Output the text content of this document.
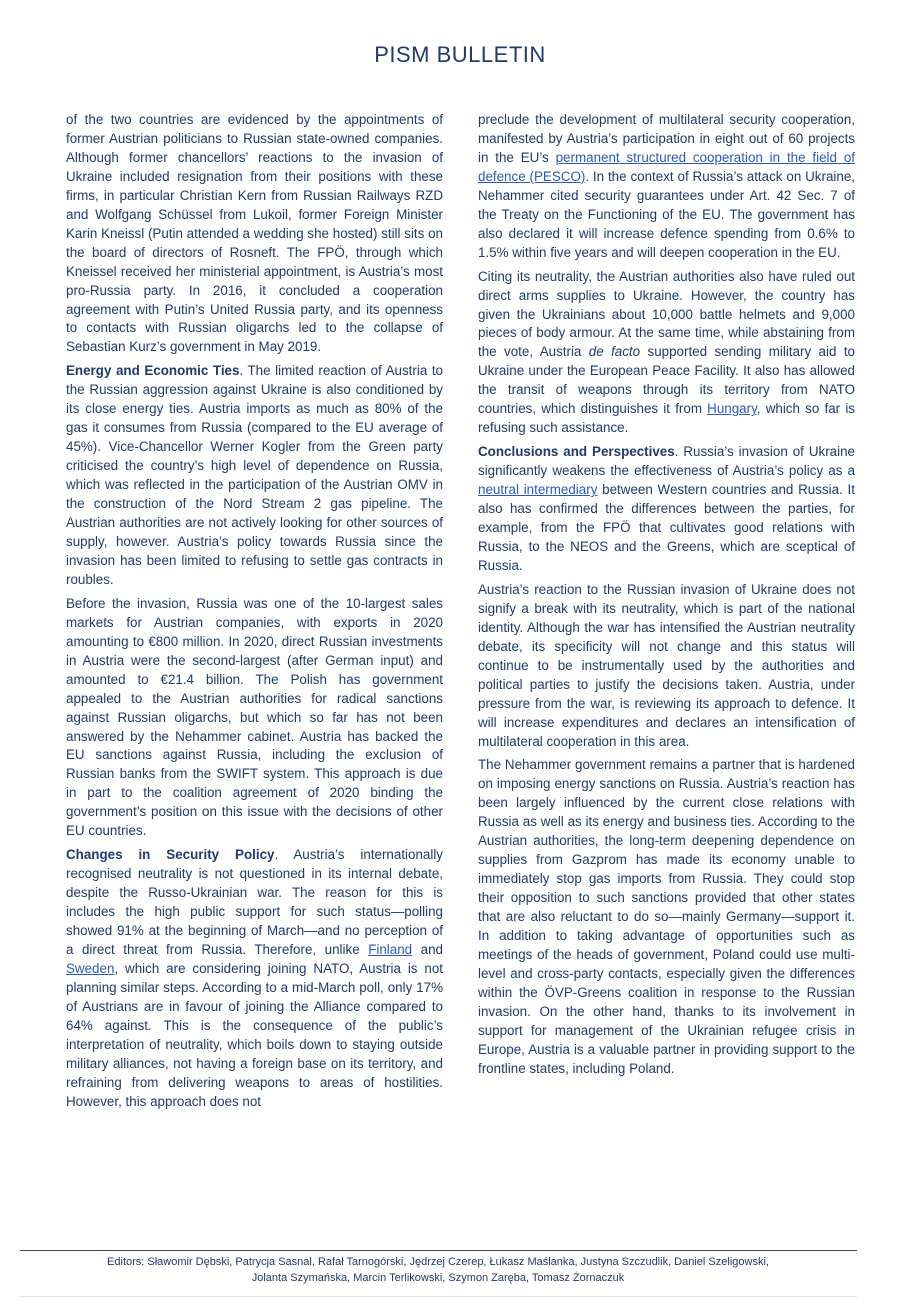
PISM BULLETIN

of the two countries are evidenced by the appointments of former Austrian politicians to Russian state-owned companies. Although former chancellors’ reactions to the invasion of Ukraine included resignation from their positions with these firms, in particular Christian Kern from Russian Railways RZD and Wolfgang Schüssel from Lukoil, former Foreign Minister Karin Kneissl (Putin attended a wedding she hosted) still sits on the board of directors of Rosneft. The FPÖ, through which Kneissel received her ministerial appointment, is Austria’s most pro-Russia party. In 2016, it concluded a cooperation agreement with Putin’s United Russia party, and its openness to contacts with Russian oligarchs led to the collapse of Sebastian Kurz’s government in May 2019.

Energy and Economic Ties. The limited reaction of Austria to the Russian aggression against Ukraine is also conditioned by its close energy ties. Austria imports as much as 80% of the gas it consumes from Russia (compared to the EU average of 45%). Vice-Chancellor Werner Kogler from the Green party criticised the country’s high level of dependence on Russia, which was reflected in the participation of the Austrian OMV in the construction of the Nord Stream 2 gas pipeline. The Austrian authorities are not actively looking for other sources of supply, however. Austria’s policy towards Russia since the invasion has been limited to refusing to settle gas contracts in roubles.

Before the invasion, Russia was one of the 10-largest sales markets for Austrian companies, with exports in 2020 amounting to €800 million. In 2020, direct Russian investments in Austria were the second-largest (after German input) and amounted to €21.4 billion. The Polish has government appealed to the Austrian authorities for radical sanctions against Russian oligarchs, but which so far has not been answered by the Nehammer cabinet. Austria has backed the EU sanctions against Russia, including the exclusion of Russian banks from the SWIFT system. This approach is due in part to the coalition agreement of 2020 binding the government’s position on this issue with the decisions of other EU countries.

Changes in Security Policy. Austria’s internationally recognised neutrality is not questioned in its internal debate, despite the Russo-Ukrainian war. The reason for this is includes the high public support for such status—polling showed 91% at the beginning of March—and no perception of a direct threat from Russia. Therefore, unlike Finland and Sweden, which are considering joining NATO, Austria is not planning similar steps. According to a mid-March poll, only 17% of Austrians are in favour of joining the Alliance compared to 64% against. This is the consequence of the public’s interpretation of neutrality, which boils down to staying outside military alliances, not having a foreign base on its territory, and refraining from delivering weapons to areas of hostilities. However, this approach does not

preclude the development of multilateral security cooperation, manifested by Austria’s participation in eight out of 60 projects in the EU’s permanent structured cooperation in the field of defence (PESCO). In the context of Russia’s attack on Ukraine, Nehammer cited security guarantees under Art. 42 Sec. 7 of the Treaty on the Functioning of the EU. The government has also declared it will increase defence spending from 0.6% to 1.5% within five years and will deepen cooperation in the EU.

Citing its neutrality, the Austrian authorities also have ruled out direct arms supplies to Ukraine. However, the country has given the Ukrainians about 10,000 battle helmets and 9,000 pieces of body armour. At the same time, while abstaining from the vote, Austria de facto supported sending military aid to Ukraine under the European Peace Facility. It also has allowed the transit of weapons through its territory from NATO countries, which distinguishes it from Hungary, which so far is refusing such assistance.

Conclusions and Perspectives. Russia’s invasion of Ukraine significantly weakens the effectiveness of Austria’s policy as a neutral intermediary between Western countries and Russia. It also has confirmed the differences between the parties, for example, from the FPÖ that cultivates good relations with Russia, to the NEOS and the Greens, which are sceptical of Russia.

Austria’s reaction to the Russian invasion of Ukraine does not signify a break with its neutrality, which is part of the national identity. Although the war has intensified the Austrian neutrality debate, its specificity will not change and this status will continue to be instrumentally used by the authorities and political parties to justify the decisions taken. Austria, under pressure from the war, is reviewing its approach to defence. It will increase expenditures and declares an intensification of multilateral cooperation in this area.

The Nehammer government remains a partner that is hardened on imposing energy sanctions on Russia. Austria’s reaction has been largely influenced by the current close relations with Russia as well as its energy and business ties. According to the Austrian authorities, the long-term deepening dependence on supplies from Gazprom has made its economy unable to immediately stop gas imports from Russia. They could stop their opposition to such sanctions provided that other states that are also reluctant to do so—mainly Germany—support it. In addition to taking advantage of opportunities such as meetings of the heads of government, Poland could use multi-level and cross-party contacts, especially given the differences within the ÖVP-Greens coalition in response to the Russian invasion. On the other hand, thanks to its involvement in support for management of the Ukrainian refugee crisis in Europe, Austria is a valuable partner in providing support to the frontline states, including Poland.

Editors: Sławomir Dębski, Patrycja Sasnal, Rafał Tarnogórski, Jędrzej Czerep, Łukasz Maślanka, Justyna Szczudlik, Daniel Szeligowski,
Jolanta Szymańska, Marcin Terlikowski, Szymon Zaręba, Tomasz Żornaczuk
